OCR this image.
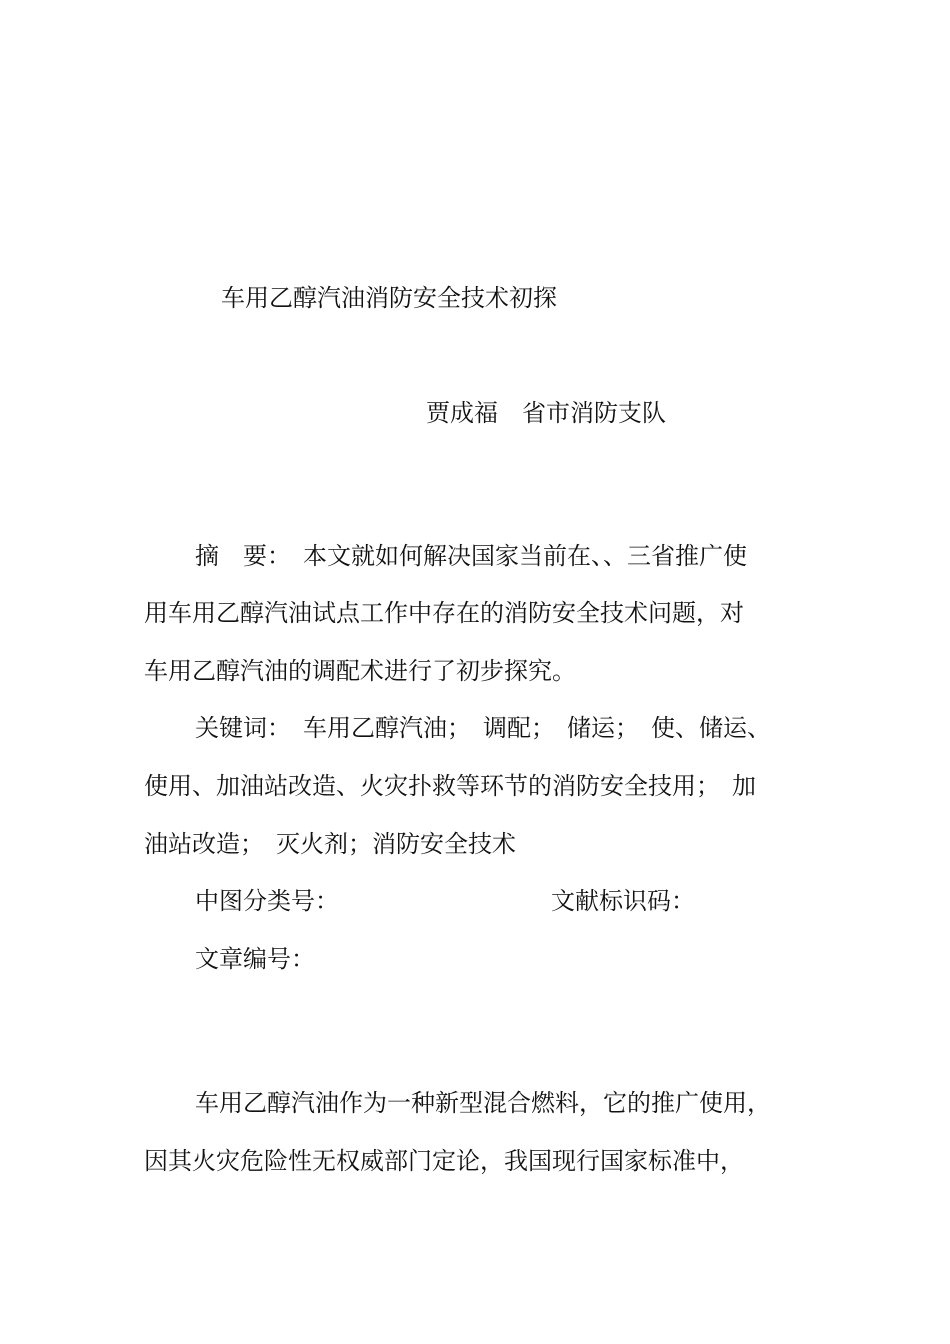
车用乙醇汽油消防安全技术初探
贾成福　省市消防支队
摘　要：　本文就如何解决国家当前在、、三省推广使
用车用乙醇汽油试点工作中存在的消防安全技术问题，对
车用乙醇汽油的调配术进行了初步探究。
关键词：　车用乙醇汽油；　调配；　储运；　使、储运、
使用、加油站改造、火灾扑救等环节的消防安全技用；　加
油站改造；　灭火剂；消防安全技术
中图分类号：	文献标识码：
文章编号：
车用乙醇汽油作为一种新型混合燃料，它的推广使用，
因其火灾危险性无权威部门定论，我国现行国家标准中，
